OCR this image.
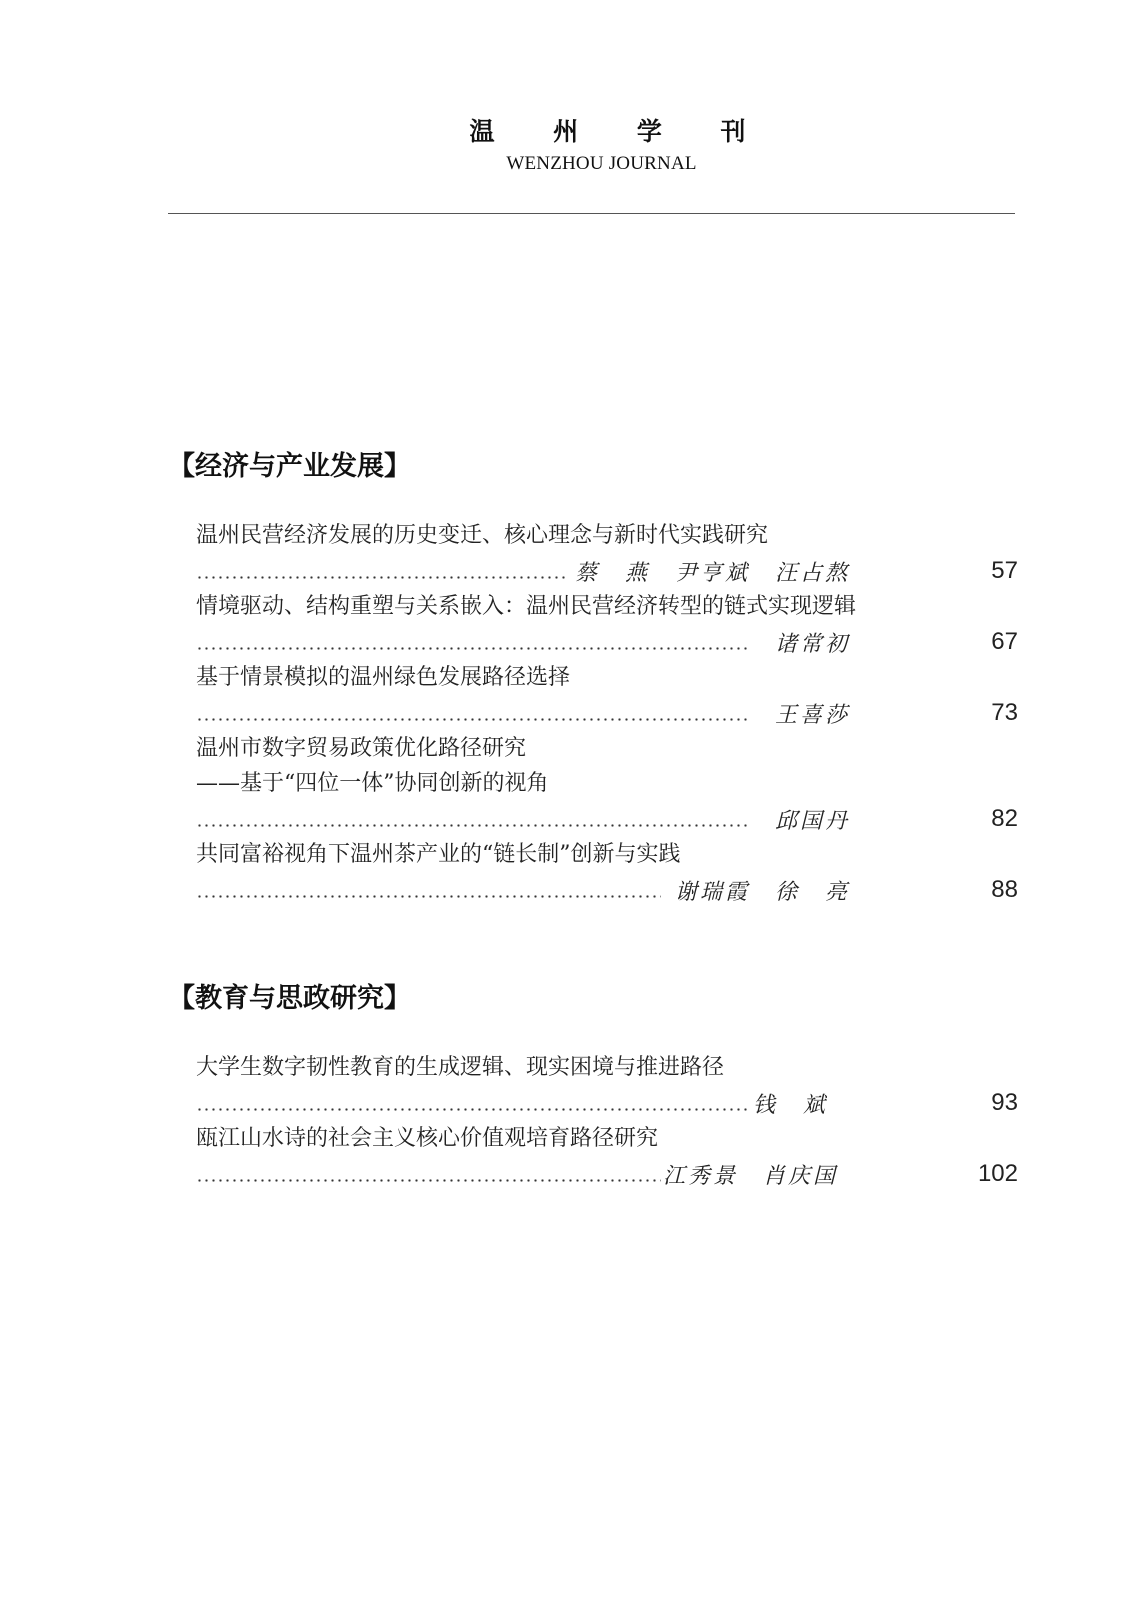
温 州 学 刊
WENZHOU JOURNAL
【经济与产业发展】
温州民营经济发展的历史变迁、核心理念与新时代实践研究
蔡　燕　尹亨斌　汪占熬	57
情境驱动、结构重塑与关系嵌入：温州民营经济转型的链式实现逻辑
诸常初	67
基于情景模拟的温州绿色发展路径选择
王喜莎	73
温州市数字贸易政策优化路径研究
——基于“四位一体”协同创新的视角
邱国丹	82
共同富裕视角下温州茶产业的“链长制”创新与实践
谢瑞霞　徐　亮	88
【教育与思政研究】
大学生数字韧性教育的生成逻辑、现实困境与推进路径
钱　斌	93
瓯江山水诗的社会主义核心价值观培育路径研究
江秀景　肖庆国	102
